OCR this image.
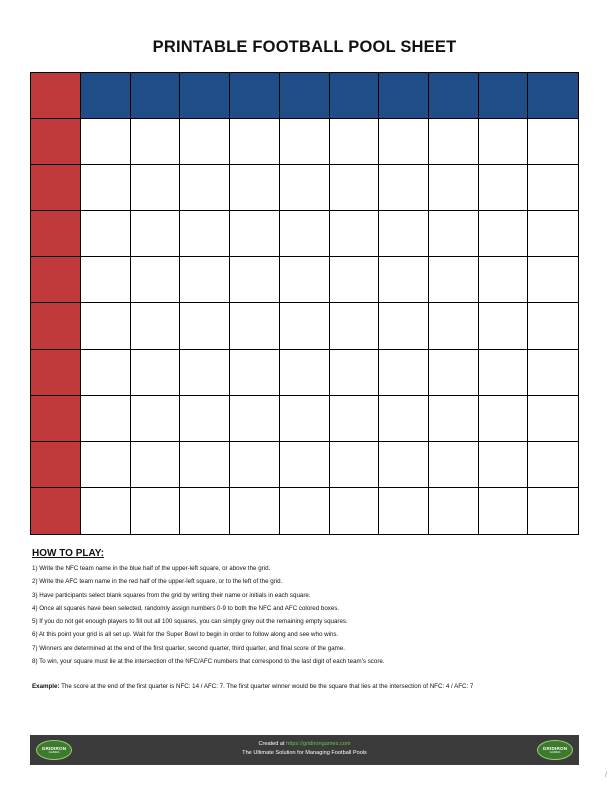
PRINTABLE FOOTBALL POOL SHEET
HOW TO PLAY:
1) Write the NFC team name in the blue half of the upper-left square, or above the grid.
2) Write the AFC team name in the red half of the upper-left square, or to the left of the grid.
3) Have participants select blank squares from the grid by writing their name or initials in each square.
4) Once all squares have been selected, randomly assign numbers 0-9 to both the NFC and AFC colored boxes.
5) If you do not get enough players to fill out all 100 squares, you can simply grey out the remaining empty squares.
6) At this point your grid is all set up. Wait for the Super Bowl to begin in order to follow along and see who wins.
7) Winners are determined at the end of the first quarter, second quarter, third quarter, and final score of the game.
8) To win, your square must lie at the intersection of the NFC/AFC numbers that correspond to the last digit of each team's score.
Example: The score at the end of the first quarter is NFC: 14 / AFC: 7. The first quarter winner would be the square that lies at the intersection of NFC: 4 / AFC: 7
GRIDIRON
GAMES
Created at https://gridirongames.com
The Ultimate Solution for Managing Football Pools
GRIDIRON
GAMES
/
